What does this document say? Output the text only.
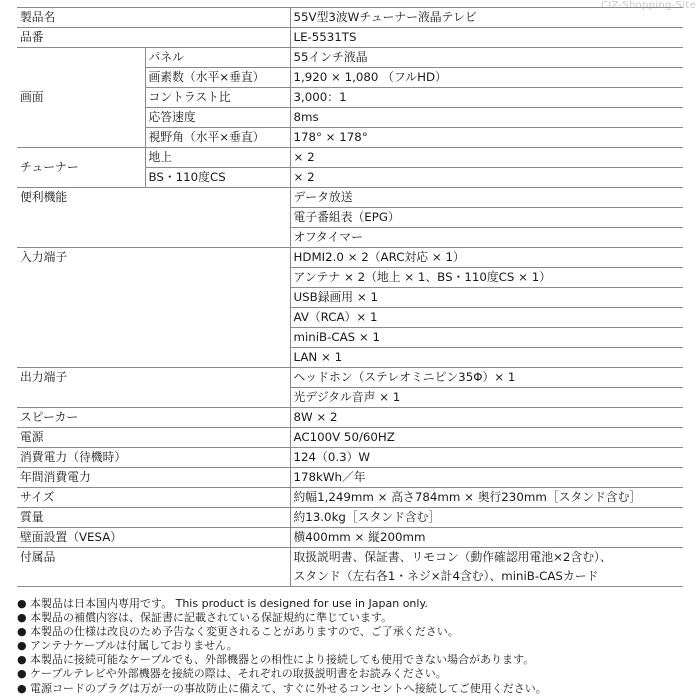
CIZ-Shopping-Site
製品名		55V型3波Wチューナー液晶テレビ
品番		LE-5531TS
画面	パネル	55インチ液晶
	画素数（水平×垂直）	1,920 × 1,080 （フルHD）
	コントラスト比	3,000：1
	応答速度	8ms
	視野角（水平×垂直）	178° × 178°
チューナー	地上	× 2
	BS・110度CS	× 2
便利機能		データ放送
		電子番組表（EPG）
		オフタイマー
入力端子		HDMI2.0 × 2（ARC対応 × 1）
		アンテナ × 2（地上 × 1、BS・110度CS × 1）
		USB録画用 × 1
		AV（RCA）× 1
		miniB-CAS × 1
		LAN × 1
出力端子		ヘッドホン（ステレオミニピン35Φ）× 1
		光デジタル音声 × 1
スピーカー		8W × 2
電源		AC100V 50/60HZ
消費電力（待機時）		124（0.3）W
年間消費電力		178kWh／年
サイズ		約幅1,249mm × 高さ784mm × 奥行230mm［スタンド含む］
質量		約13.0kg［スタンド含む］
壁面設置（VESA）		横400mm × 縦200mm
付属品		取扱説明書、保証書、リモコン（動作確認用電池×2含む）、
		スタンド（左右各1・ネジ×計4含む）、miniB-CASカード
● 本製品は日本国内専用です。 This product is designed for use in Japan only.
● 本製品の補償内容は、保証書に記載されている保証規約に準じています。
● 本製品の仕様は改良のため予告なく変更されることがありますので、ご了承ください。
● アンテナケーブルは付属しておりません。
● 本製品に接続可能なケーブルでも、外部機器との相性により接続しても使用できない場合があります。
● ケーブルテレビや外部機器を接続の際は、それぞれの取扱説明書をお読みください。
● 電源コードのプラグは万が一の事故防止に備えて、すぐに外せるコンセントへ接続してご使用ください。
